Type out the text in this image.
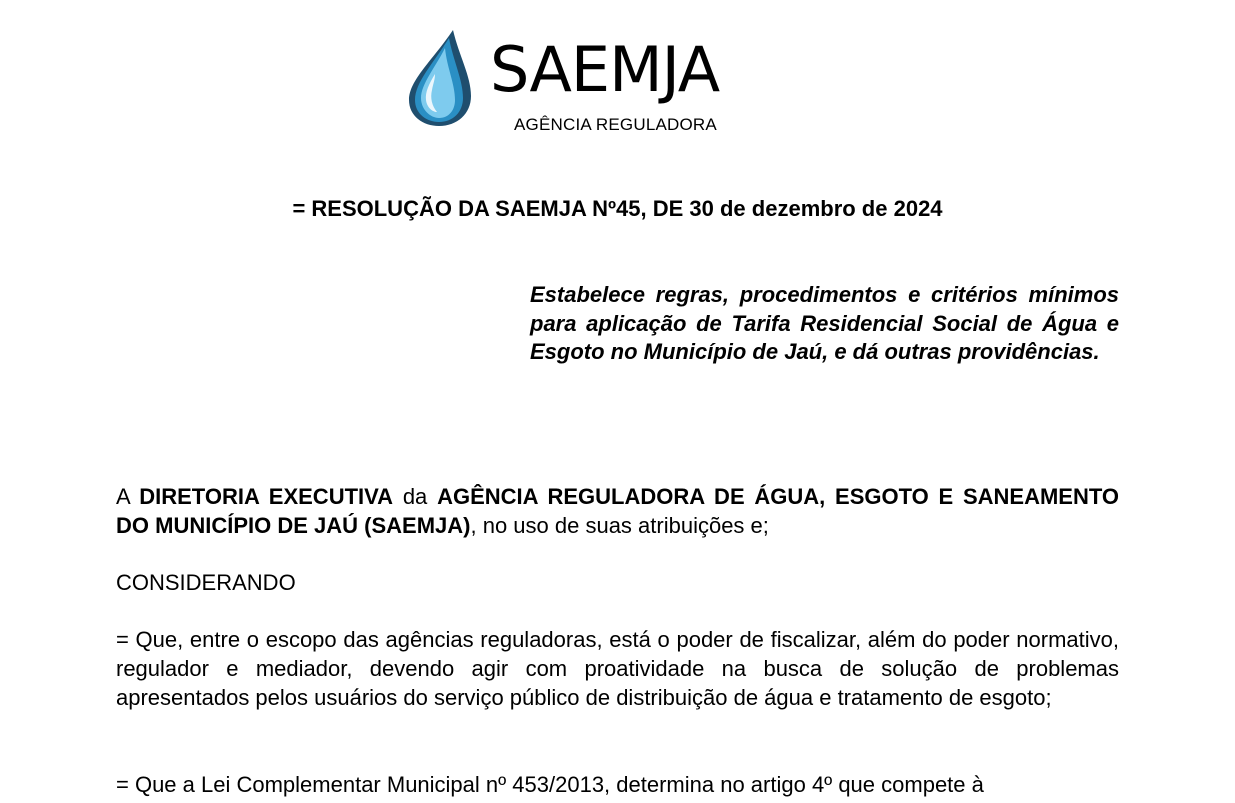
SAEMJA
AGÊNCIA REGULADORA
= RESOLUÇÃO DA SAEMJA Nº45, DE 30 de dezembro de 2024
Estabelece regras, procedimentos e critérios mínimos para aplicação de Tarifa Residencial Social de Água e Esgoto no Município de Jaú, e dá outras providências.
A DIRETORIA EXECUTIVA da AGÊNCIA REGULADORA DE ÁGUA, ESGOTO E SANEAMENTO DO MUNICÍPIO DE JAÚ (SAEMJA), no uso de suas atribuições e;
CONSIDERANDO
= Que, entre o escopo das agências reguladoras, está o poder de fiscalizar, além do poder normativo, regulador e mediador, devendo agir com proatividade na busca de solução de problemas apresentados pelos usuários do serviço público de distribuição de água e tratamento de esgoto;
= Que a Lei Complementar Municipal nº 453/2013, determina no artigo 4º que compete à
